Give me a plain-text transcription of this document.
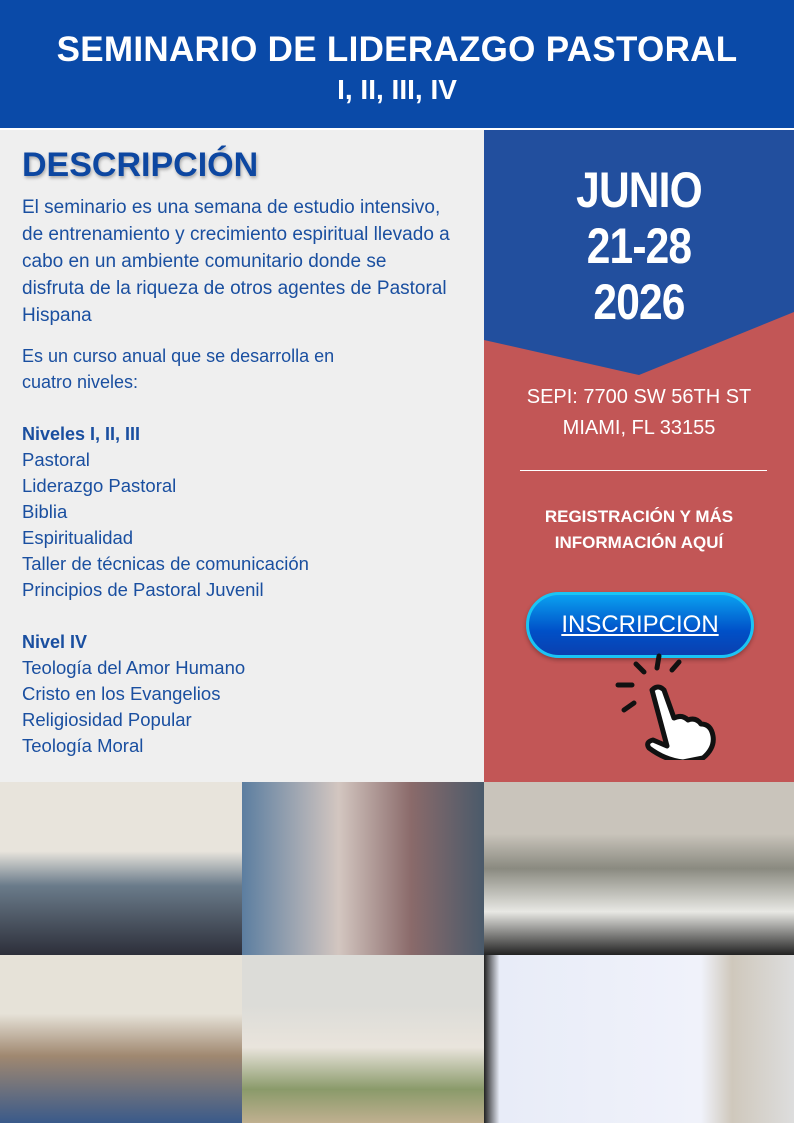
SEMINARIO DE LIDERAZGO PASTORAL
I, II, III, IV
DESCRIPCIÓN

El seminario es una semana de estudio intensivo, de entrenamiento y crecimiento espiritual llevado a cabo en un ambiente comunitario donde se disfruta de la riqueza de otros agentes de Pastoral Hispana

Es un curso anual que se desarrolla en cuatro niveles:

Niveles I, II, III
Pastoral
Liderazgo Pastoral
Biblia
Espiritualidad
Taller de técnicas de comunicación
Principios de Pastoral Juvenil
Nivel IV
Teología del Amor Humano
Cristo en los Evangelios
Religiosidad Popular
Teología Moral
JUNIO
21-28
2026
SEPI: 7700 SW 56TH ST
MIAMI, FL 33155
REGISTRACIÓN Y MÁS INFORMACIÓN AQUÍ
INSCRIPCION
